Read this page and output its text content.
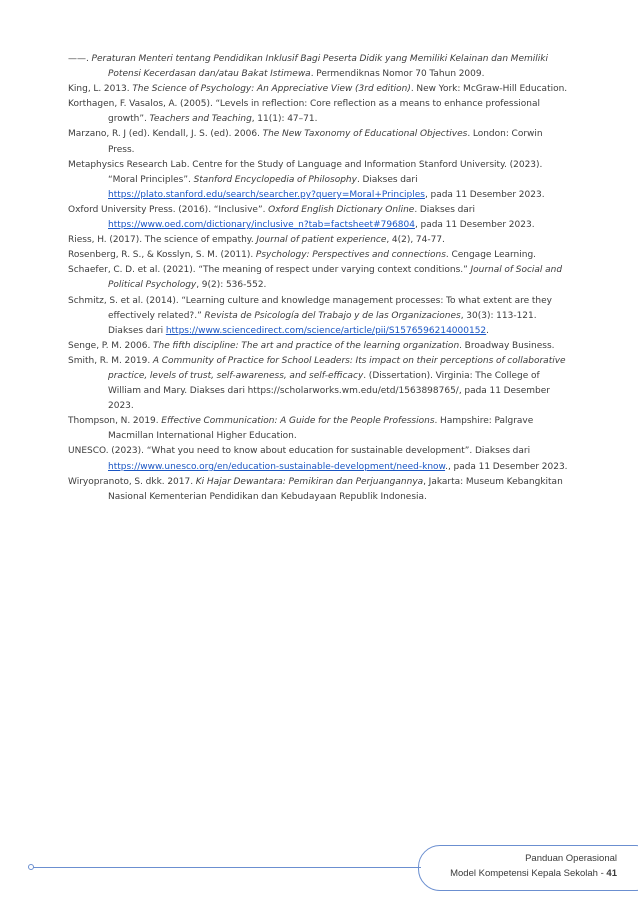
——. Peraturan Menteri tentang Pendidikan Inklusif Bagi Peserta Didik yang Memiliki Kelainan dan Memiliki Potensi Kecerdasan dan/atau Bakat Istimewa. Permendiknas Nomor 70 Tahun 2009.

King, L. 2013. The Science of Psychology: An Appreciative View (3rd edition). New York: McGraw-Hill Education.

Korthagen, F. Vasalos, A. (2005). “Levels in reflection: Core reflection as a means to enhance professional growth”. Teachers and Teaching, 11(1): 47–71.

Marzano, R. J (ed). Kendall, J. S. (ed). 2006. The New Taxonomy of Educational Objectives. London: Corwin Press.

Metaphysics Research Lab. Centre for the Study of Language and Information Stanford University. (2023). “Moral Principles”. Stanford Encyclopedia of Philosophy. Diakses dari https://plato.stanford.edu/search/searcher.py?query=Moral+Principles, pada 11 Desember 2023.

Oxford University Press. (2016). “Inclusive”. Oxford English Dictionary Online. Diakses dari https://www.oed.com/dictionary/inclusive_n?tab=factsheet#796804, pada 11 Desember 2023.

Riess, H. (2017). The science of empathy. Journal of patient experience, 4(2), 74-77.

Rosenberg, R. S., & Kosslyn, S. M. (2011). Psychology: Perspectives and connections. Cengage Learning.

Schaefer, C. D. et al. (2021). “The meaning of respect under varying context conditions.” Journal of Social and Political Psychology, 9(2): 536-552.

Schmitz, S. et al. (2014). “Learning culture and knowledge management processes: To what extent are they effectively related?.” Revista de Psicología del Trabajo y de las Organizaciones, 30(3): 113-121. Diakses dari https://www.sciencedirect.com/science/article/pii/S1576596214000152.

Senge, P. M. 2006. The fifth discipline: The art and practice of the learning organization. Broadway Business.

Smith, R. M. 2019. A Community of Practice for School Leaders: Its impact on their perceptions of collaborative practice, levels of trust, self-awareness, and self-efficacy. (Dissertation). Virginia: The College of William and Mary. Diakses dari https://scholarworks.wm.edu/etd/1563898765/, pada 11 Desember 2023.

Thompson, N. 2019. Effective Communication: A Guide for the People Professions. Hampshire: Palgrave Macmillan International Higher Education.

UNESCO. (2023). “What you need to know about education for sustainable development”. Diakses dari https://www.unesco.org/en/education-sustainable-development/need-know., pada 11 Desember 2023.

Wiryopranoto, S. dkk. 2017. Ki Hajar Dewantara: Pemikiran dan Perjuangannya, Jakarta: Museum Kebangkitan Nasional Kementerian Pendidikan dan Kebudayaan Republik Indonesia.

Panduan Operasional
Model Kompetensi Kepala Sekolah - 41
